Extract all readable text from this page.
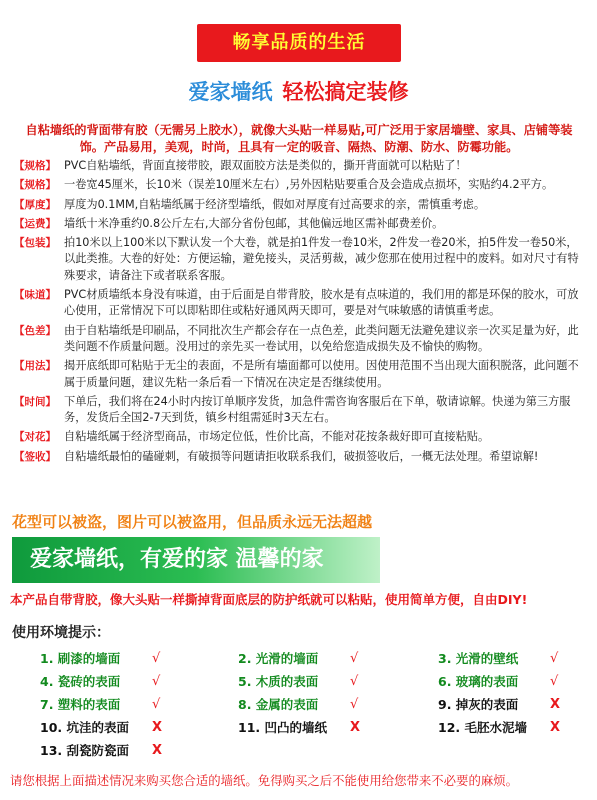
畅享品质的生活
爱家墙纸 轻松搞定装修
自粘墙纸的背面带有胶（无需另上胶水），就像大头贴一样易贴,可广泛用于家居墙壁、家具、店铺等装饰。产品易用，美观，时尚，且具有一定的吸音、隔热、防潮、防水、防霉功能。
【规格】 PVC自粘墙纸，背面直接带胶，跟双面胶方法是类似的，撕开背面就可以粘贴了！
【规格】 一卷宽45厘米，长10米（误差10厘米左右）,另外因粘贴要重合及会造成点损坏，实贴约4.2平方。
【厚度】 厚度为0.1MM,自粘墙纸属于经济型墙纸，假如对厚度有过高要求的亲，需慎重考虑。
【运费】 墙纸十米净重约0.8公斤左右,大部分省份包邮，其他偏远地区需补邮费差价。
【包装】 拍10米以上100米以下默认发一个大卷，就是拍1件发一卷10米，2件发一卷20米，拍5件发一卷50米，以此类推。大卷的好处：方便运输，避免接头，灵活剪裁，减少您那在使用过程中的废料。如对尺寸有特殊要求，请备注下或者联系客服。
【味道】 PVC材质墙纸本身没有味道，由于后面是自带背胶，胶水是有点味道的，我们用的都是环保的胶水，可放心使用，正常情况下可以即粘即住或粘好通风两天即可，要是对气味敏感的请慎重考虑。
【色差】 由于自粘墙纸是印刷品，不同批次生产都会存在一点色差，此类问题无法避免建议亲一次买足量为好，此类问题不作质量问题。没用过的亲先买一卷试用，以免给您造成损失及不愉快的购物。
【用法】 揭开底纸即可粘贴于无尘的表面，不是所有墙面都可以使用。因使用范围不当出现大面积脱落，此问题不属于质量问题，建议先粘一条后看一下情况在决定是否继续使用。
【时间】 下单后，我们将在24小时内按订单顺序发货，加急件需咨询客服后在下单，敬请谅解。快递为第三方服务，发货后全国2-7天到货，镇乡村组需延时3天左右。
【对花】 自粘墙纸属于经济型商品，市场定位低，性价比高，不能对花按条裁好即可直接粘贴。
【签收】 自粘墙纸最怕的磕碰刺，有破损等问题请拒收联系我们，破损签收后，一概无法处理。希望谅解!
花型可以被盗，图片可以被盗用，但品质永远无法超越
爱家墙纸，有爱的家 温馨的家
本产品自带背胶，像大头贴一样撕掉背面底层的防护纸就可以粘贴，使用简单方便，自由DIY!
使用环境提示：
1. 刷漆的墙面 √	2. 光滑的墙面 √	3. 光滑的壁纸 √
4. 瓷砖的表面 √	5. 木质的表面 √	6. 玻璃的表面 √
7. 塑料的表面 √	8. 金属的表面 √	9. 掉灰的表面 X
10. 坑洼的表面 X	11. 凹凸的墙纸 X	12. 毛胚水泥墙 X
13. 刮瓷防瓷面 X
请您根据上面描述情况来购买您合适的墙纸。免得购买之后不能使用给您带来不必要的麻烦。
